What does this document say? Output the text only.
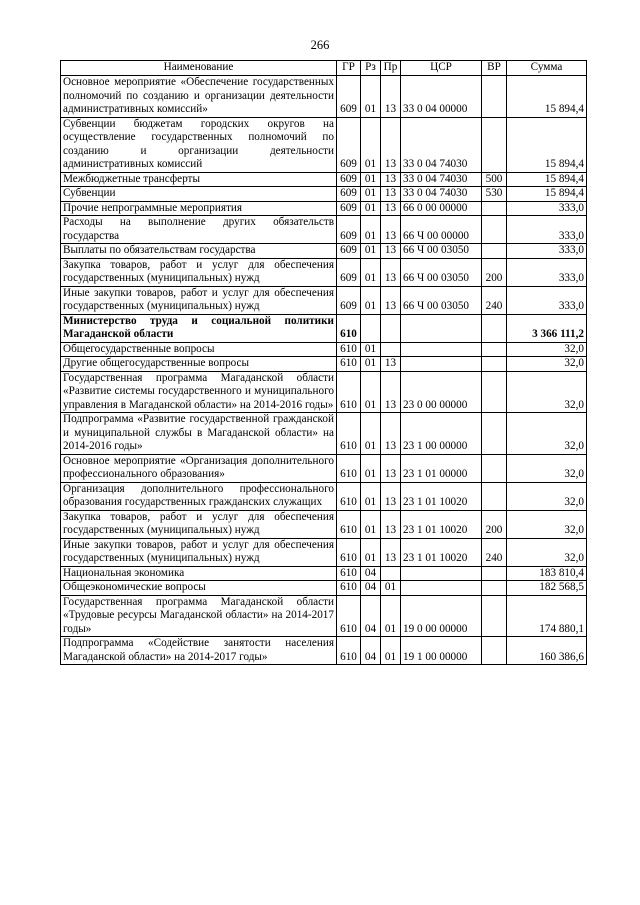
266
Наименование	ГР	Рз	Пр	ЦСР	ВР	Сумма
Основное мероприятие «Обеспечение государственных полномочий по созданию и организации деятельности административных комиссий»	609	01	13	33 0 04 00000		15 894,4
Субвенции бюджетам городских округов на осуществление государственных полномочий по созданию и организации деятельности административных комиссий	609	01	13	33 0 04 74030		15 894,4
Межбюджетные трансферты	609	01	13	33 0 04 74030	500	15 894,4
Субвенции	609	01	13	33 0 04 74030	530	15 894,4
Прочие непрограммные мероприятия	609	01	13	66 0 00 00000		333,0
Расходы на выполнение других обязательств государства	609	01	13	66 Ч 00 00000		333,0
Выплаты по обязательствам государства	609	01	13	66 Ч 00 03050		333,0
Закупка товаров, работ и услуг для обеспечения государственных (муниципальных) нужд	609	01	13	66 Ч 00 03050	200	333,0
Иные закупки товаров, работ и услуг для обеспечения государственных (муниципальных) нужд	609	01	13	66 Ч 00 03050	240	333,0
Министерство труда и социальной политики Магаданской области	610					3 366 111,2
Общегосударственные вопросы	610	01				32,0
Другие общегосударственные вопросы	610	01	13			32,0
Государственная программа Магаданской области «Развитие системы государственного и муниципального управления в Магаданской области» на 2014-2016 годы»	610	01	13	23 0 00 00000		32,0
Подпрограмма «Развитие государственной гражданской и муниципальной службы в Магаданской области» на 2014-2016 годы»	610	01	13	23 1 00 00000		32,0
Основное мероприятие «Организация дополнительного профессионального образования»	610	01	13	23 1 01 00000		32,0
Организация дополнительного профессионального образования государственных гражданских служащих	610	01	13	23 1 01 10020		32,0
Закупка товаров, работ и услуг для обеспечения государственных (муниципальных) нужд	610	01	13	23 1 01 10020	200	32,0
Иные закупки товаров, работ и услуг для обеспечения государственных (муниципальных) нужд	610	01	13	23 1 01 10020	240	32,0
Национальная экономика	610	04				183 810,4
Общеэкономические вопросы	610	04	01			182 568,5
Государственная программа Магаданской области «Трудовые ресурсы Магаданской области» на 2014-2017 годы»	610	04	01	19 0 00 00000		174 880,1
Подпрограмма «Содействие занятости населения Магаданской области» на 2014-2017 годы»	610	04	01	19 1 00 00000		160 386,6
